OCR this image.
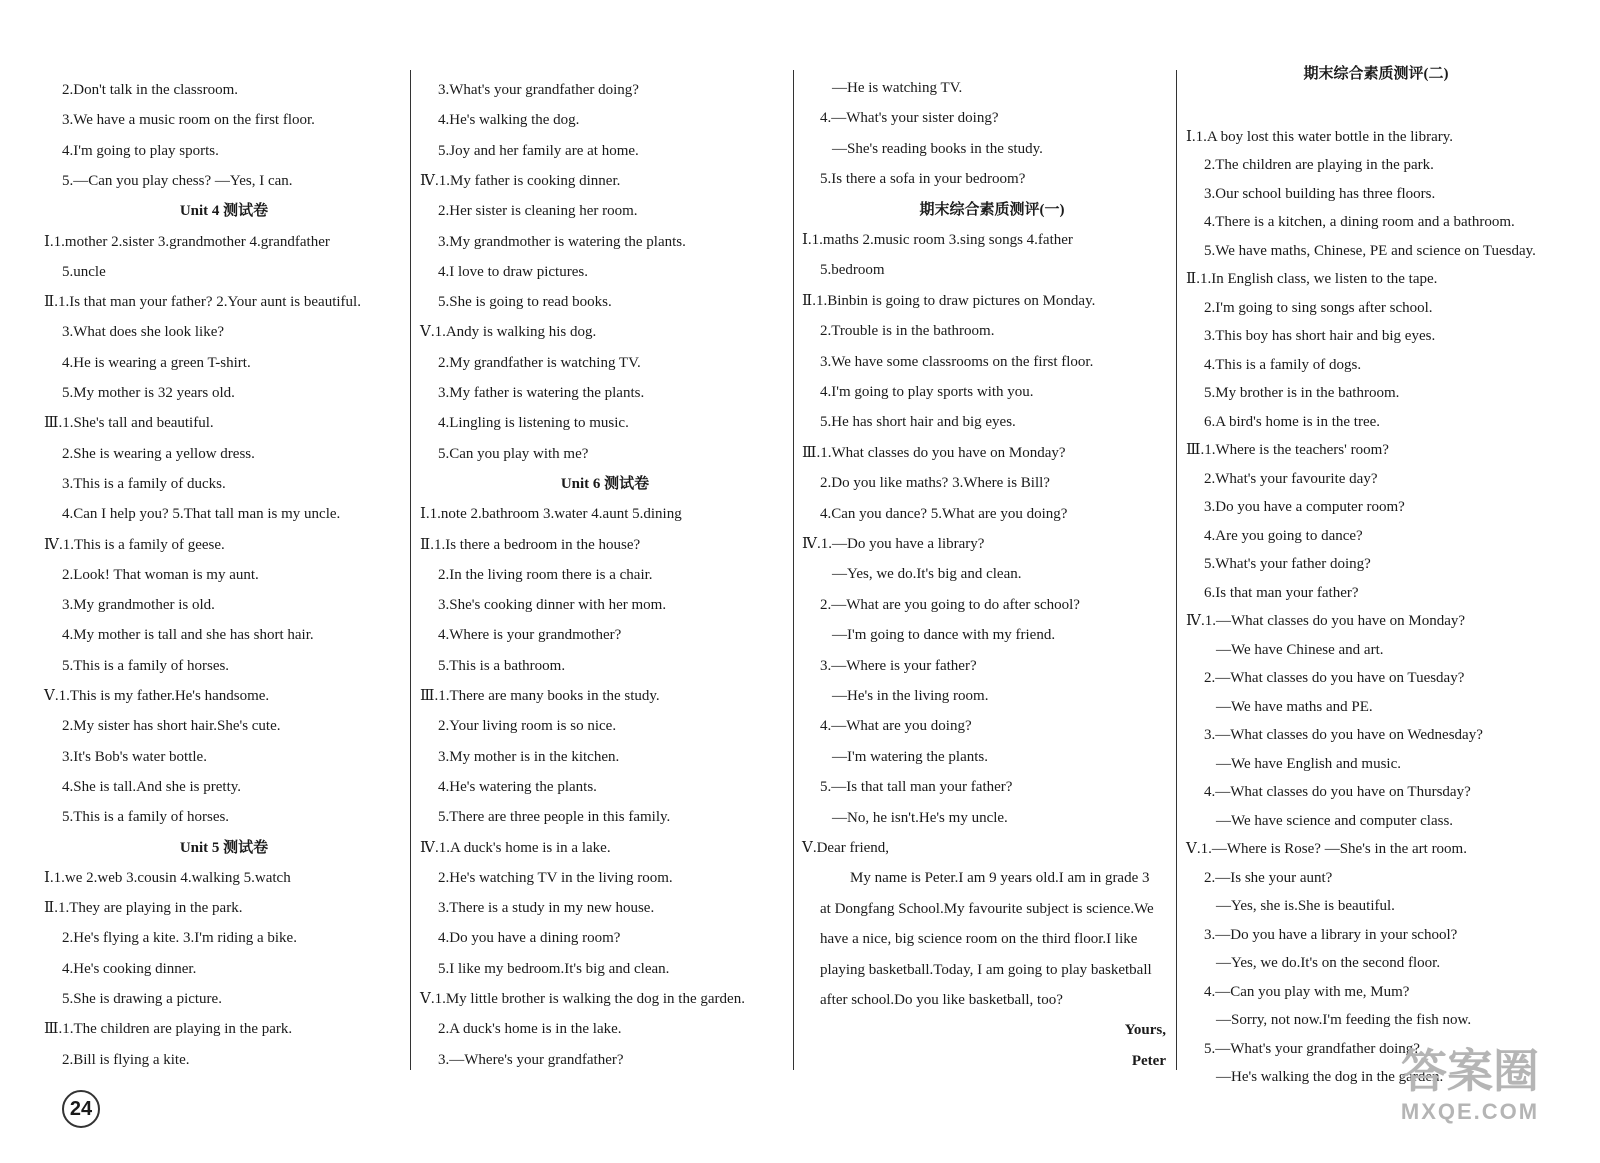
2.Don't talk in the classroom.
3.We have a music room on the first floor.
4.I'm going to play sports.
5.—Can you play chess? —Yes, I can.
Unit 4 测试卷
Ⅰ.1.mother 2.sister 3.grandmother 4.grandfather
5.uncle
Ⅱ.1.Is that man your father? 2.Your aunt is beautiful.
3.What does she look like?
4.He is wearing a green T-shirt.
5.My mother is 32 years old.
Ⅲ.1.She's tall and beautiful.
2.She is wearing a yellow dress.
3.This is a family of ducks.
4.Can I help you? 5.That tall man is my uncle.
Ⅳ.1.This is a family of geese.
2.Look! That woman is my aunt.
3.My grandmother is old.
4.My mother is tall and she has short hair.
5.This is a family of horses.
Ⅴ.1.This is my father.He's handsome.
2.My sister has short hair.She's cute.
3.It's Bob's water bottle.
4.She is tall.And she is pretty.
5.This is a family of horses.
Unit 5 测试卷
Ⅰ.1.we 2.web 3.cousin 4.walking 5.watch
Ⅱ.1.They are playing in the park.
2.He's flying a kite. 3.I'm riding a bike.
4.He's cooking dinner.
5.She is drawing a picture.
Ⅲ.1.The children are playing in the park.
2.Bill is flying a kite.
3.What's your grandfather doing?
4.He's walking the dog.
5.Joy and her family are at home.
Ⅳ.1.My father is cooking dinner.
2.Her sister is cleaning her room.
3.My grandmother is watering the plants.
4.I love to draw pictures.
5.She is going to read books.
Ⅴ.1.Andy is walking his dog.
2.My grandfather is watching TV.
3.My father is watering the plants.
4.Lingling is listening to music.
5.Can you play with me?
Unit 6 测试卷
Ⅰ.1.note 2.bathroom 3.water 4.aunt 5.dining
Ⅱ.1.Is there a bedroom in the house?
2.In the living room there is a chair.
3.She's cooking dinner with her mom.
4.Where is your grandmother?
5.This is a bathroom.
Ⅲ.1.There are many books in the study.
2.Your living room is so nice.
3.My mother is in the kitchen.
4.He's watering the plants.
5.There are three people in this family.
Ⅳ.1.A duck's home is in a lake.
2.He's watching TV in the living room.
3.There is a study in my new house.
4.Do you have a dining room?
5.I like my bedroom.It's big and clean.
Ⅴ.1.My little brother is walking the dog in the garden.
2.A duck's home is in the lake.
3.—Where's your grandfather?
—He is watching TV.
4.—What's your sister doing?
—She's reading books in the study.
5.Is there a sofa in your bedroom?
期末综合素质测评(一)
Ⅰ.1.maths 2.music room 3.sing songs 4.father
5.bedroom
Ⅱ.1.Binbin is going to draw pictures on Monday.
2.Trouble is in the bathroom.
3.We have some classrooms on the first floor.
4.I'm going to play sports with you.
5.He has short hair and big eyes.
Ⅲ.1.What classes do you have on Monday?
2.Do you like maths? 3.Where is Bill?
4.Can you dance? 5.What are you doing?
Ⅳ.1.—Do you have a library?
—Yes, we do.It's big and clean.
2.—What are you going to do after school?
—I'm going to dance with my friend.
3.—Where is your father?
—He's in the living room.
4.—What are you doing?
—I'm watering the plants.
5.—Is that tall man your father?
—No, he isn't.He's my uncle.
Ⅴ.Dear friend,
My name is Peter.I am 9 years old.I am in grade 3
at Dongfang School.My favourite subject is science.We
have a nice, big science room on the third floor.I like
playing basketball.Today, I am going to play basketball
after school.Do you like basketball, too?
Yours,
Peter
期末综合素质测评(二)
Ⅰ.1.A boy lost this water bottle in the library.
2.The children are playing in the park.
3.Our school building has three floors.
4.There is a kitchen, a dining room and a bathroom.
5.We have maths, Chinese, PE and science on Tuesday.
Ⅱ.1.In English class, we listen to the tape.
2.I'm going to sing songs after school.
3.This boy has short hair and big eyes.
4.This is a family of dogs.
5.My brother is in the bathroom.
6.A bird's home is in the tree.
Ⅲ.1.Where is the teachers' room?
2.What's your favourite day?
3.Do you have a computer room?
4.Are you going to dance?
5.What's your father doing?
6.Is that man your father?
Ⅳ.1.—What classes do you have on Monday?
—We have Chinese and art.
2.—What classes do you have on Tuesday?
—We have maths and PE.
3.—What classes do you have on Wednesday?
—We have English and music.
4.—What classes do you have on Thursday?
—We have science and computer class.
Ⅴ.1.—Where is Rose? —She's in the art room.
2.—Is she your aunt?
—Yes, she is.She is beautiful.
3.—Do you have a library in your school?
—Yes, we do.It's on the second floor.
4.—Can you play with me, Mum?
—Sorry, not now.I'm feeding the fish now.
5.—What's your grandfather doing?
—He's walking the dog in the garden.
24
答案圈
MXQE.COM
